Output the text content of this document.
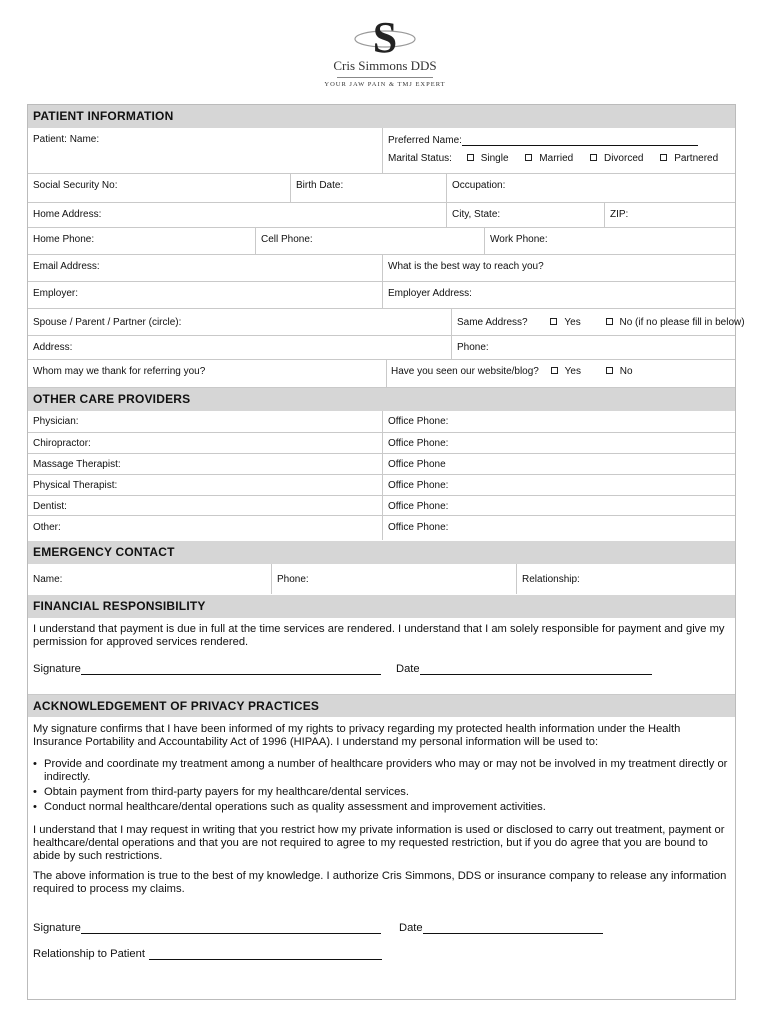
S
Cris Simmons DDS
YOUR JAW PAIN & TMJ EXPERT
PATIENT INFORMATION
Patient: Name:	Preferred Name:
Marital Status:	Single	Married	Divorced	Partnered
Social Security No:	Birth Date:	Occupation:
Home Address:	City, State:	ZIP:
Home Phone:	Cell Phone:	Work Phone:
Email Address:	What is the best way to reach you?
Employer:	Employer Address:
Spouse / Parent / Partner (circle):	Same Address?	Yes	No (if no please fill in below)
Address:	Phone:
Whom may we thank for referring you?	Have you seen our website/blog?	Yes	No
OTHER CARE PROVIDERS
Physician:	Office Phone:
Chiropractor:	Office Phone:
Massage Therapist:	Office Phone
Physical Therapist:	Office Phone:
Dentist:	Office Phone:
Other:	Office Phone:
EMERGENCY CONTACT
Name:	Phone:	Relationship:
FINANCIAL RESPONSIBILITY
I understand that payment is due in full at the time services are rendered. I understand that I am solely responsible for payment and give my permission for approved services rendered.
Signature	Date
ACKNOWLEDGEMENT OF PRIVACY PRACTICES
My signature confirms that I have been informed of my rights to privacy regarding my protected health information under the Health Insurance Portability and Accountability Act of 1996 (HIPAA). I understand my personal information will be used to:
• Provide and coordinate my treatment among a number of healthcare providers who may or may not be involved in my treatment directly or indirectly.
• Obtain payment from third-party payers for my healthcare/dental services.
• Conduct normal healthcare/dental operations such as quality assessment and improvement activities.
I understand that I may request in writing that you restrict how my private information is used or disclosed to carry out treatment, payment or healthcare/dental operations and that you are not required to agree to my requested restriction, but if you do agree that you are bound to abide by such restrictions.
The above information is true to the best of my knowledge. I authorize Cris Simmons, DDS or insurance company to release any information required to process my claims.
Signature	Date
Relationship to Patient
